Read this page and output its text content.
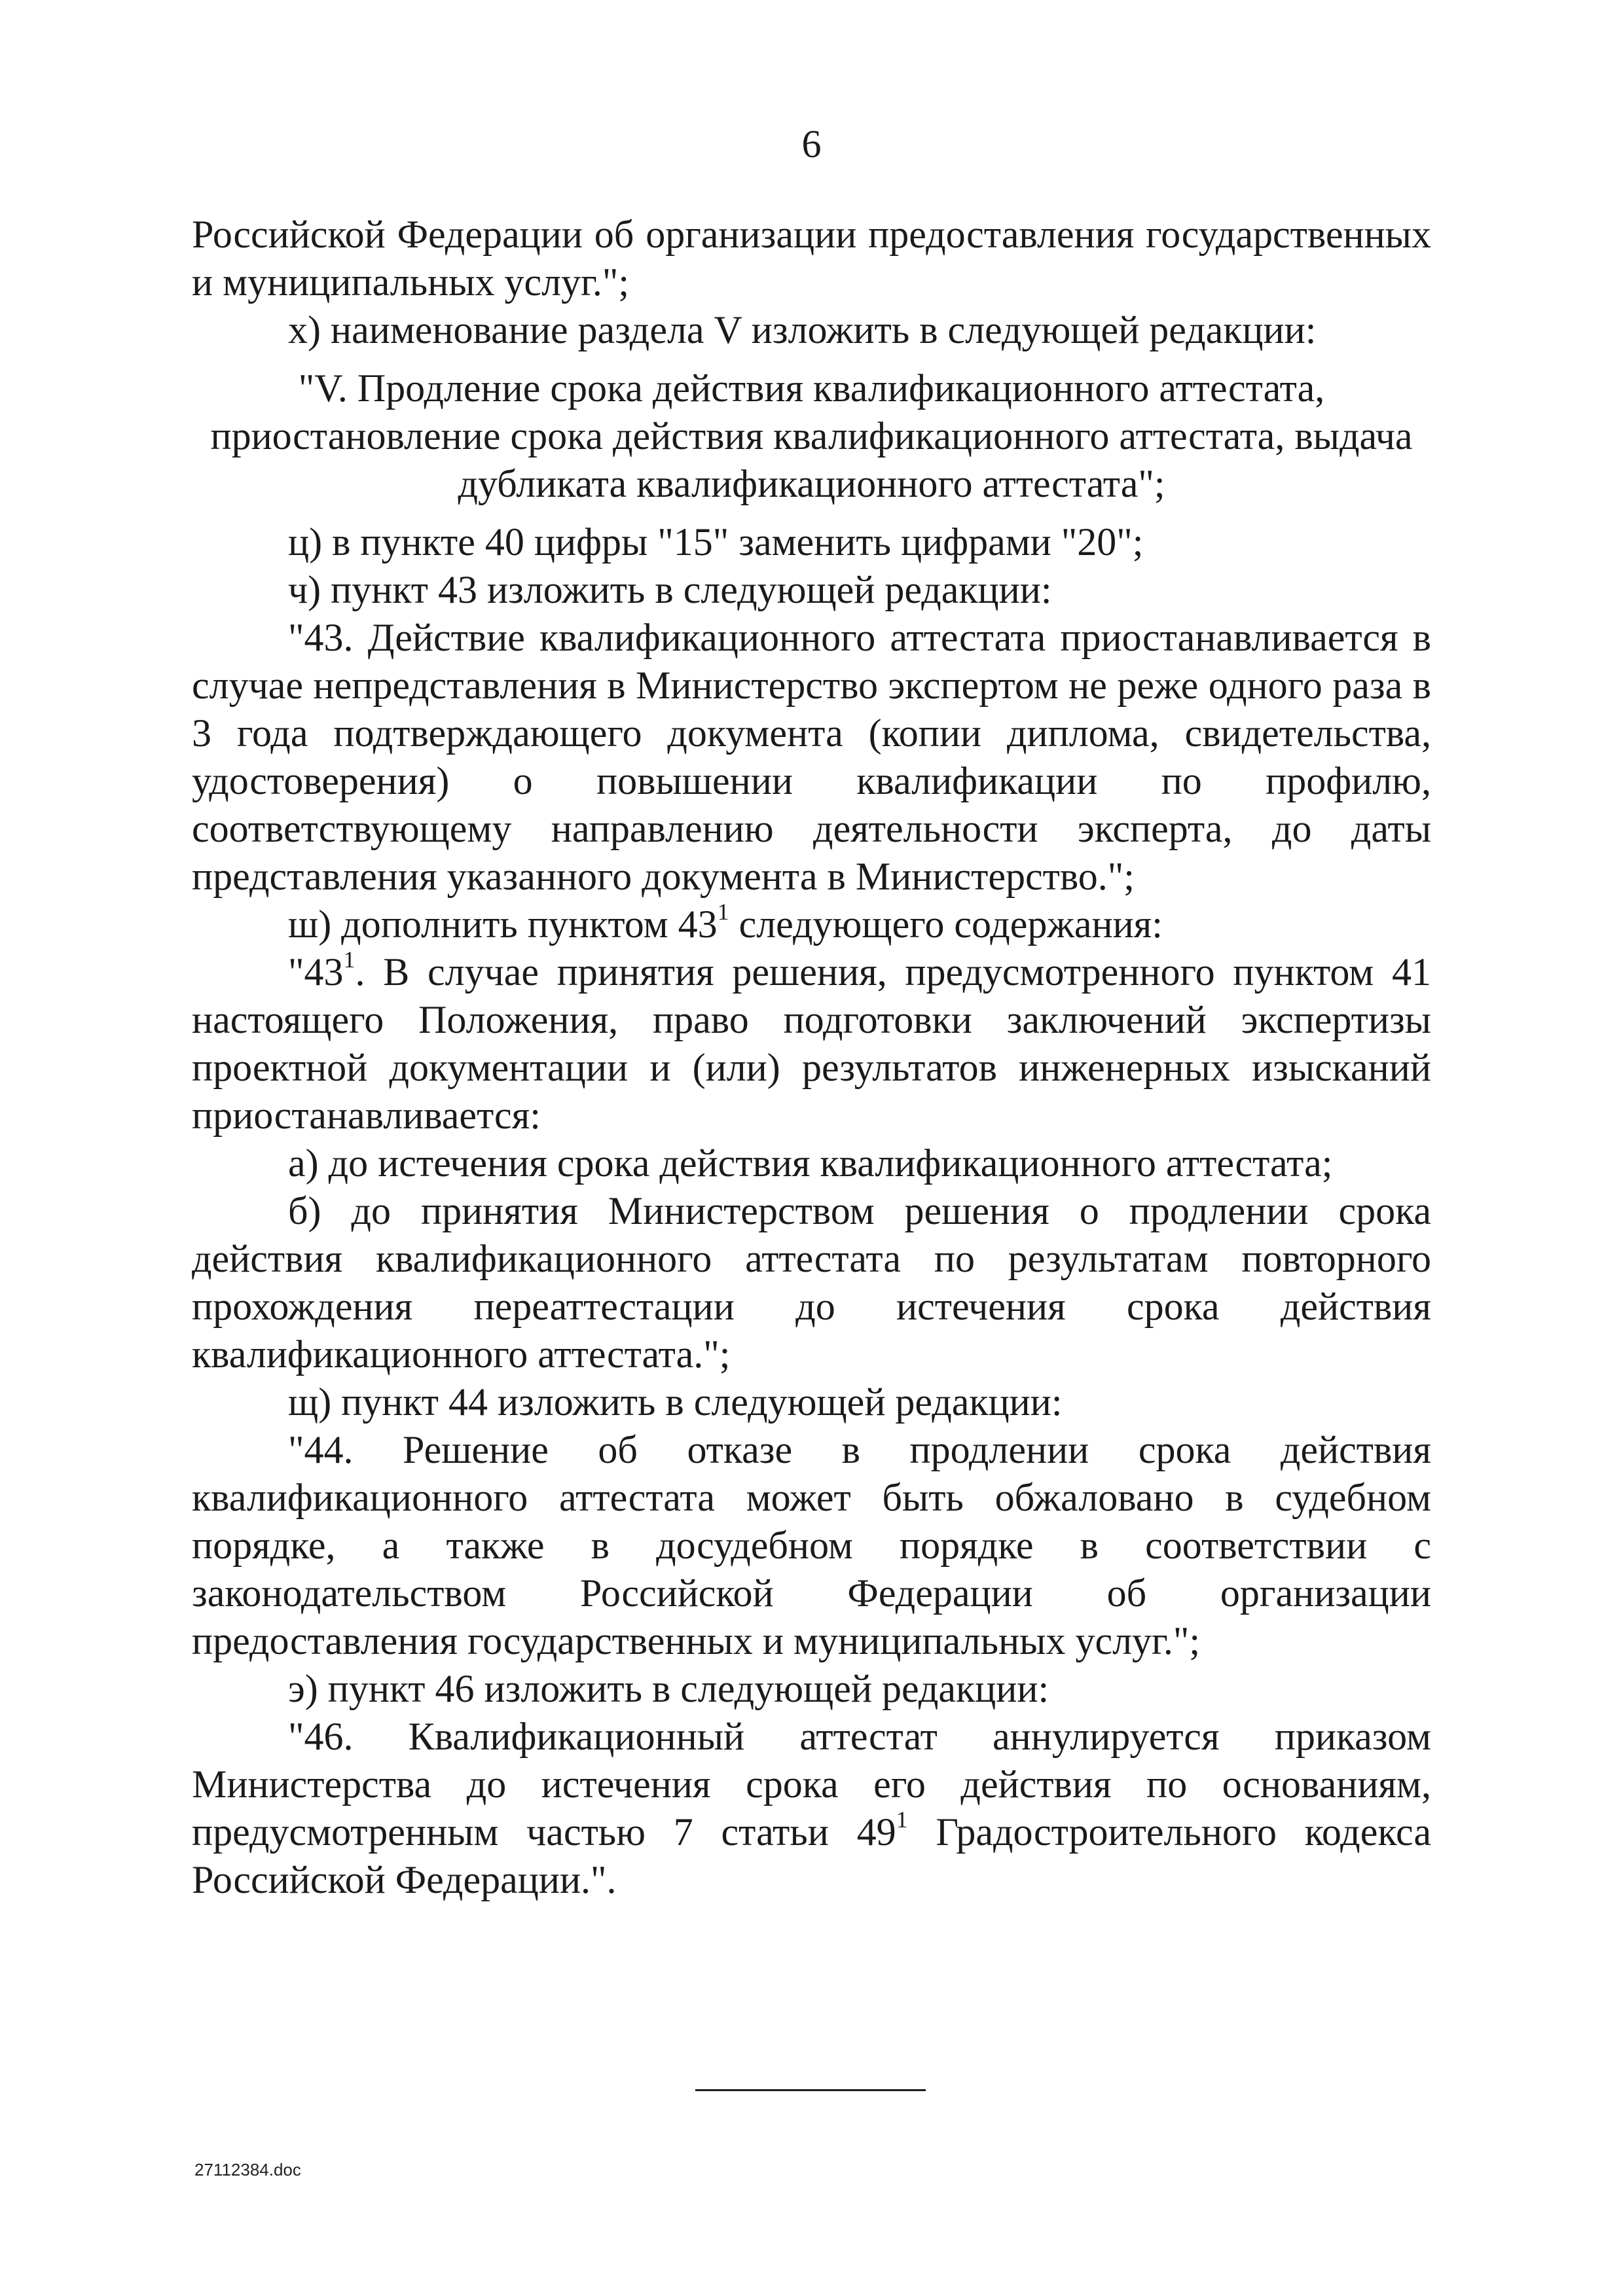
6

Российской Федерации об организации предоставления государственных и муниципальных услуг.";

х) наименование раздела V изложить в следующей редакции:

"V. Продление срока действия квалификационного аттестата, приостановление срока действия квалификационного аттестата, выдача дубликата квалификационного аттестата";

ц) в пункте 40 цифры "15" заменить цифрами "20";

ч) пункт 43 изложить в следующей редакции:

"43. Действие квалификационного аттестата приостанавливается в случае непредставления в Министерство экспертом не реже одного раза в 3 года подтверждающего документа (копии диплома, свидетельства, удостоверения) о повышении квалификации по профилю, соответствующему направлению деятельности эксперта, до даты представления указанного документа в Министерство.";

ш) дополнить пунктом $43^1$ следующего содержания:

"$43^1$. В случае принятия решения, предусмотренного пунктом 41 настоящего Положения, право подготовки заключений экспертизы проектной документации и (или) результатов инженерных изысканий приостанавливается:

а) до истечения срока действия квалификационного аттестата;

б) до принятия Министерством решения о продлении срока действия квалификационного аттестата по результатам повторного прохождения переаттестации до истечения срока действия квалификационного аттестата.";

щ) пункт 44 изложить в следующей редакции:

"44. Решение об отказе в продлении срока действия квалификационного аттестата может быть обжаловано в судебном порядке, а также в досудебном порядке в соответствии с законодательством Российской Федерации об организации предоставления государственных и муниципальных услуг.";

э) пункт 46 изложить в следующей редакции:

"46. Квалификационный аттестат аннулируется приказом Министерства до истечения срока его действия по основаниям, предусмотренным частью 7 статьи $49^1$ Градостроительного кодекса Российской Федерации.".

27112384.doc
